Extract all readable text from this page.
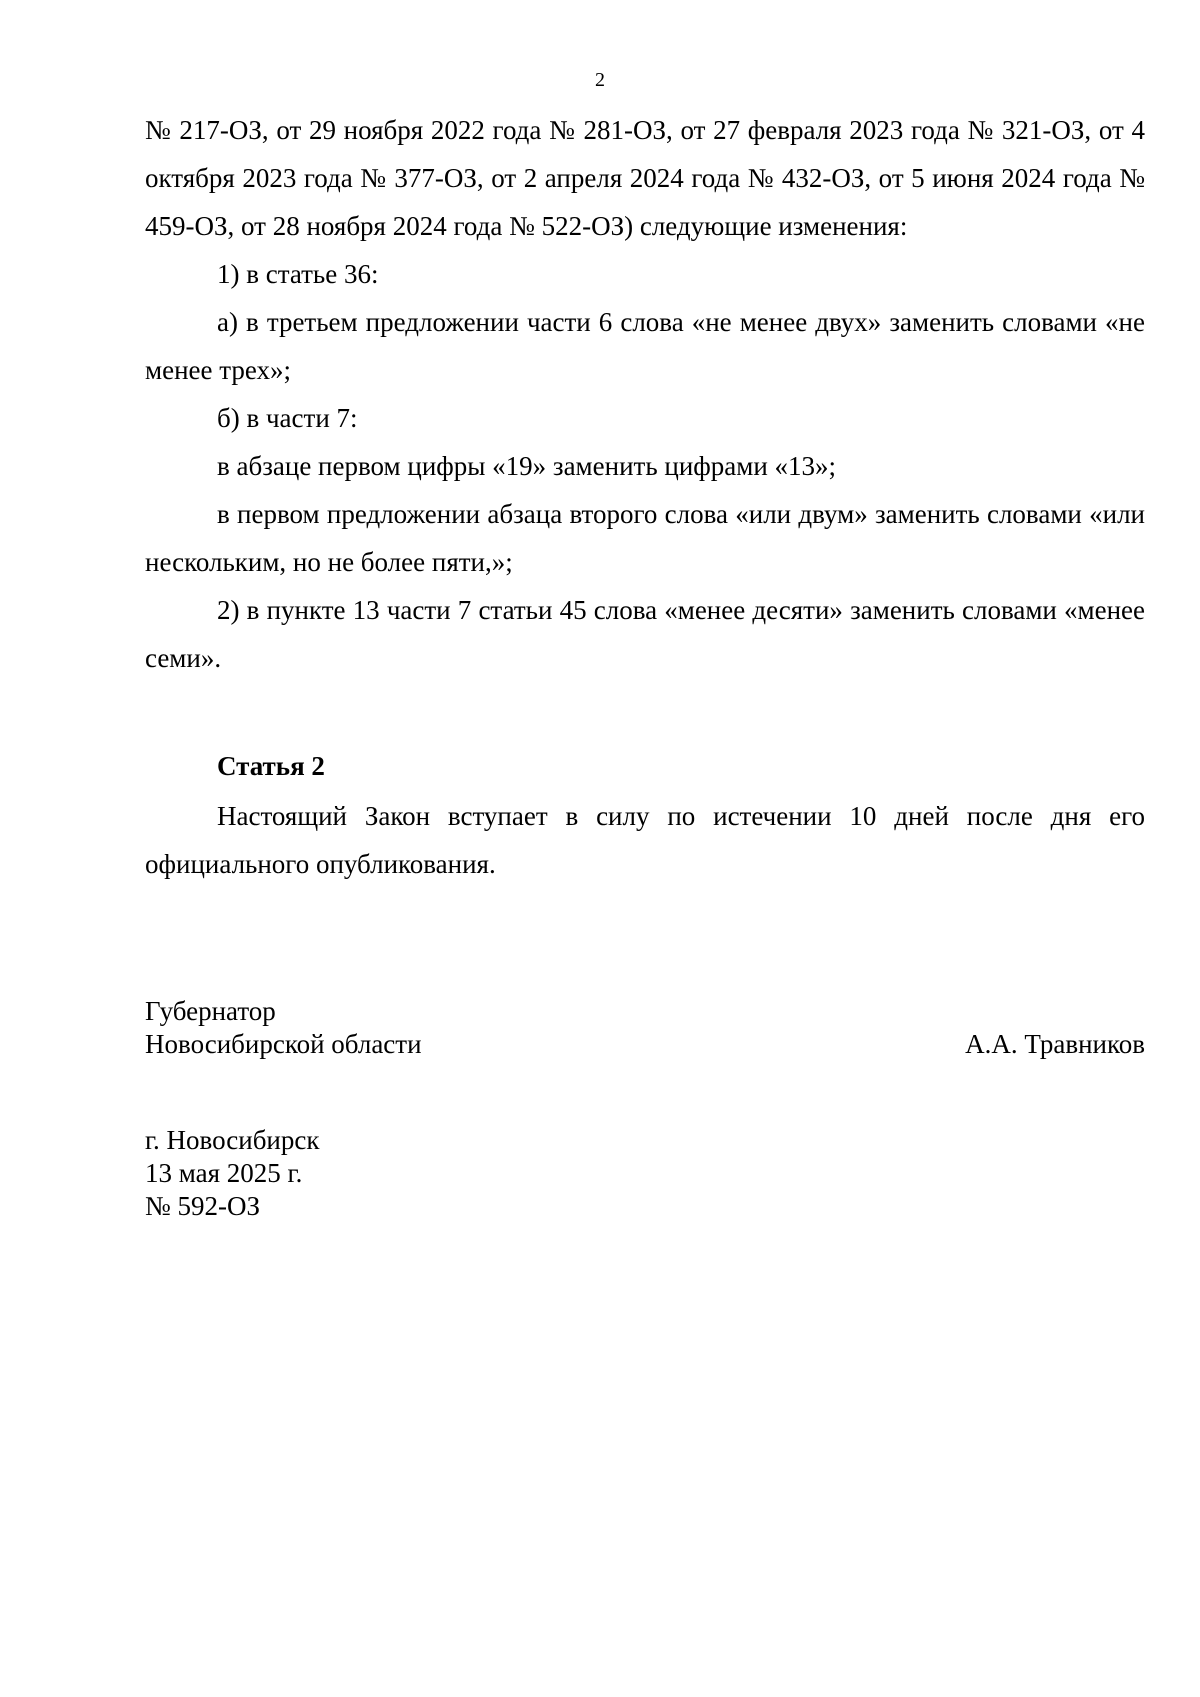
2

№ 217-ОЗ, от 29 ноября 2022 года № 281-ОЗ, от 27 февраля 2023 года № 321-ОЗ, от 4 октября 2023 года № 377-ОЗ, от 2 апреля 2024 года № 432-ОЗ, от 5 июня 2024 года № 459-ОЗ, от 28 ноября 2024 года № 522-ОЗ) следующие изменения:

1) в статье 36:

а) в третьем предложении части 6 слова «не менее двух» заменить словами «не менее трех»;

б) в части 7:

в абзаце первом цифры «19» заменить цифрами «13»;

в первом предложении абзаца второго слова «или двум» заменить словами «или нескольким, но не более пяти,»;

2) в пункте 13 части 7 статьи 45 слова «менее десяти» заменить словами «менее семи».

Статья 2

Настоящий Закон вступает в силу по истечении 10 дней после дня его официального опубликования.

Губернатор
Новосибирской области	А.А. Травников
г. Новосибирск
13 мая 2025 г.
№ 592-ОЗ
